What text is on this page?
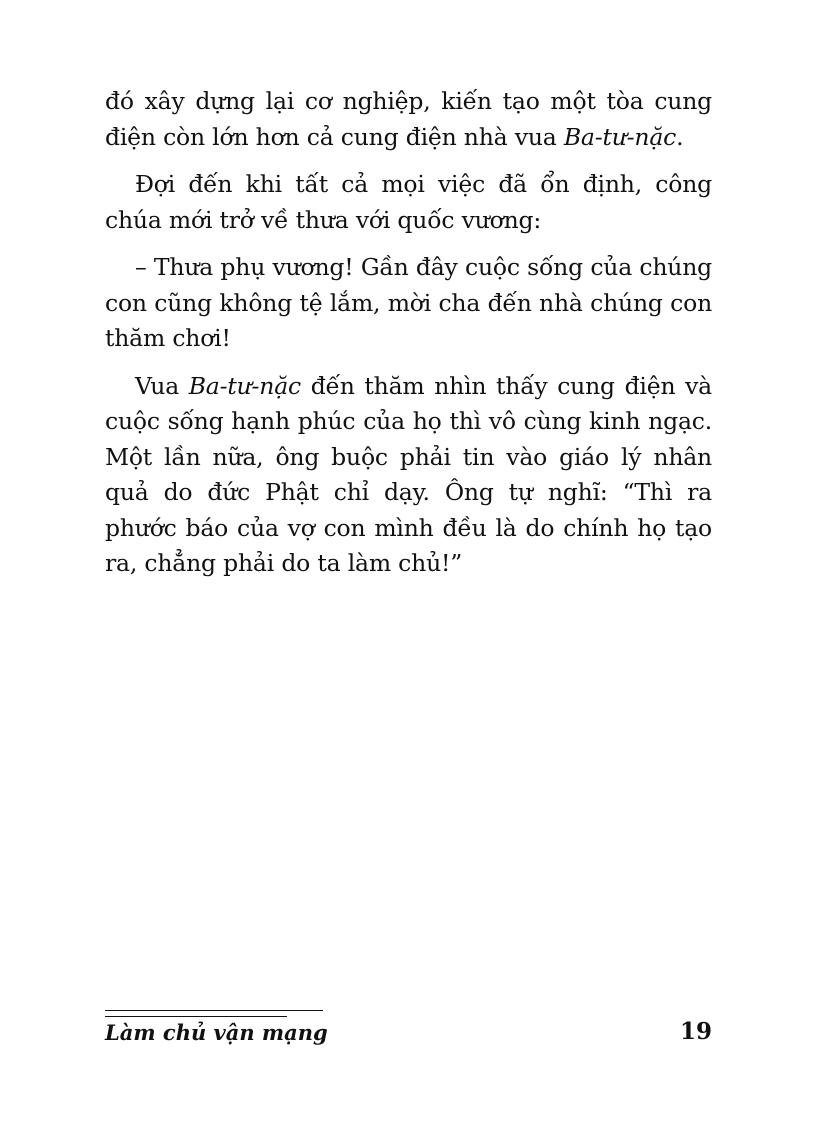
đó xây dựng lại cơ nghiệp, kiến tạo một tòa cung điện còn lớn hơn cả cung điện nhà vua Ba-tư-nặc.

Đợi đến khi tất cả mọi việc đã ổn định, công chúa mới trở về thưa với quốc vương:

– Thưa phụ vương! Gần đây cuộc sống của chúng con cũng không tệ lắm, mời cha đến nhà chúng con thăm chơi!

Vua Ba-tư-nặc đến thăm nhìn thấy cung điện và cuộc sống hạnh phúc của họ thì vô cùng kinh ngạc. Một lần nữa, ông buộc phải tin vào giáo lý nhân quả do đức Phật chỉ dạy. Ông tự nghĩ: “Thì ra phước báo của vợ con mình đều là do chính họ tạo ra, chẳng phải do ta làm chủ!”

Làm chủ vận mạng	19
